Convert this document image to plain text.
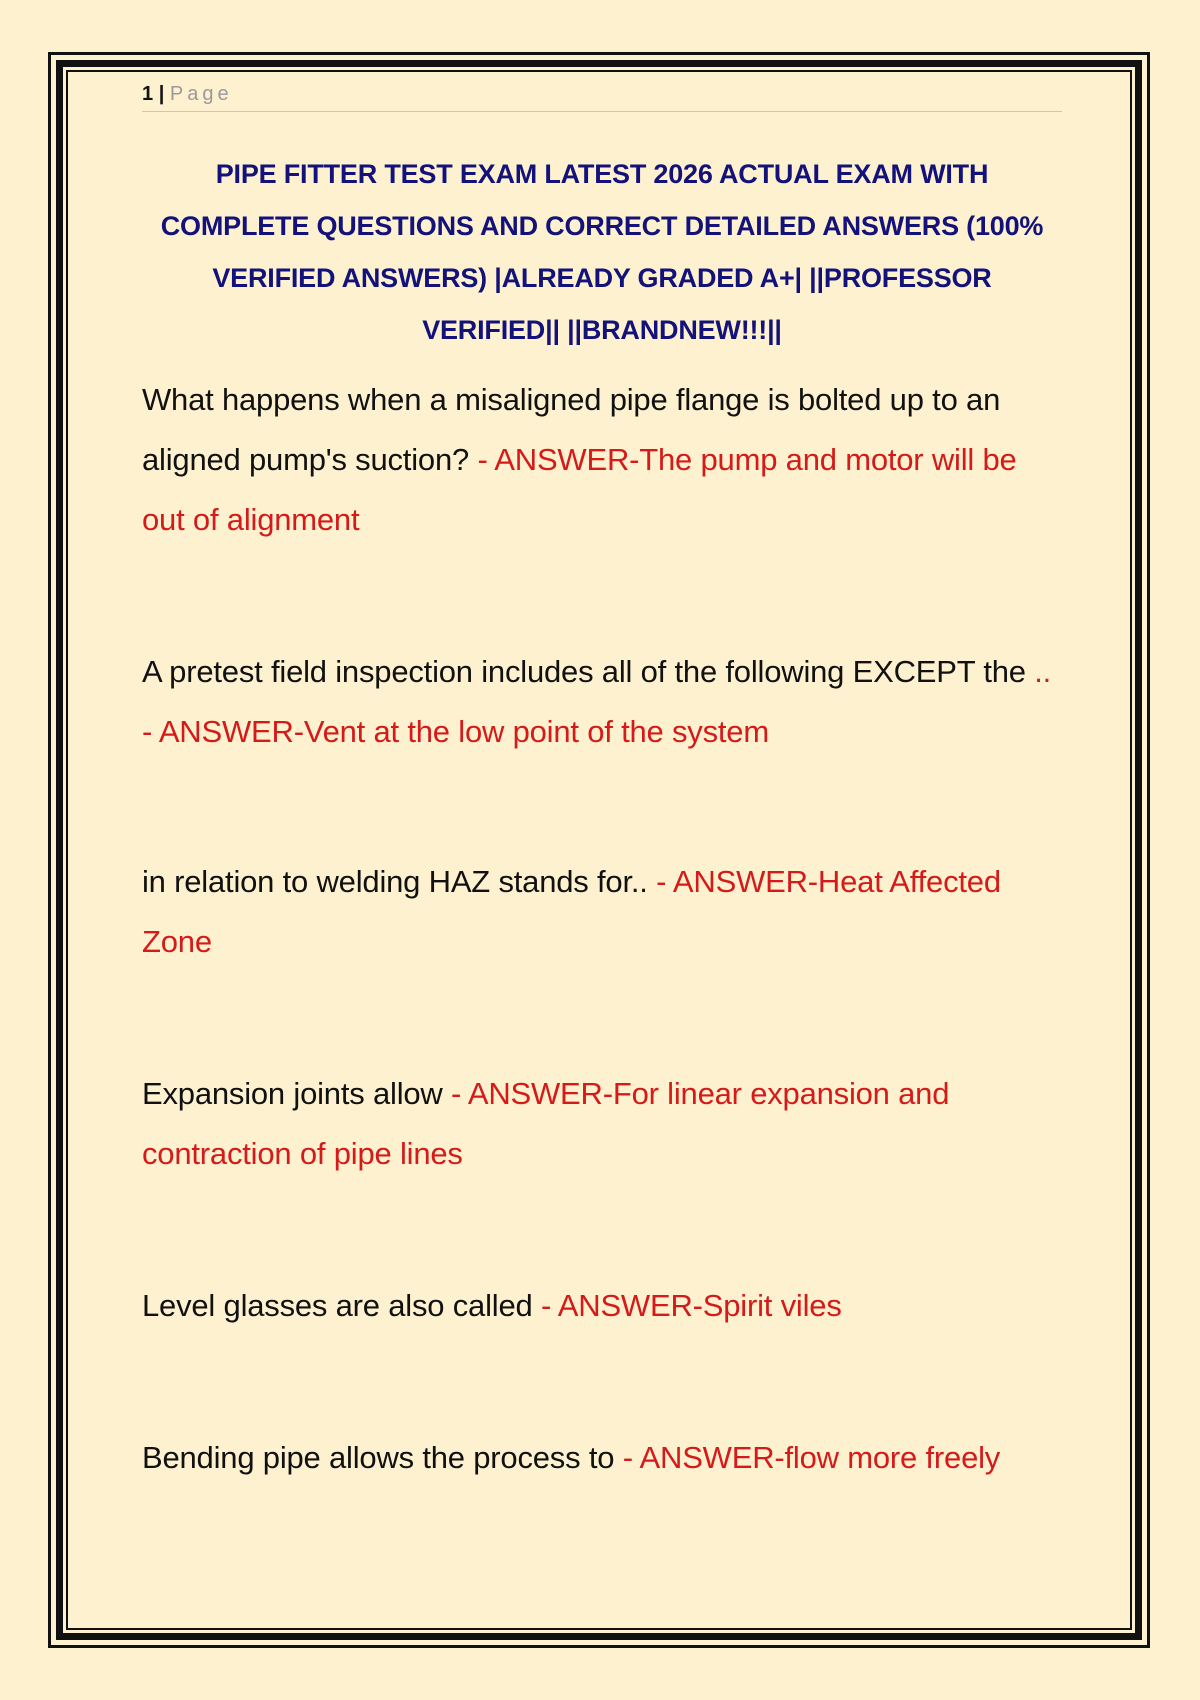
1 | Page
PIPE FITTER TEST EXAM LATEST 2026 ACTUAL EXAM WITH COMPLETE QUESTIONS AND CORRECT DETAILED ANSWERS (100% VERIFIED ANSWERS) |ALREADY GRADED A+| ||PROFESSOR VERIFIED|| ||BRANDNEW!!!||
What happens when a misaligned pipe flange is bolted up to an aligned pump's suction? - ANSWER-The pump and motor will be out of alignment
A pretest field inspection includes all of the following EXCEPT the .. - ANSWER-Vent at the low point of the system
in relation to welding HAZ stands for.. - ANSWER-Heat Affected Zone
Expansion joints allow - ANSWER-For linear expansion and contraction of pipe lines
Level glasses are also called - ANSWER-Spirit viles
Bending pipe allows the process to - ANSWER-flow more freely
